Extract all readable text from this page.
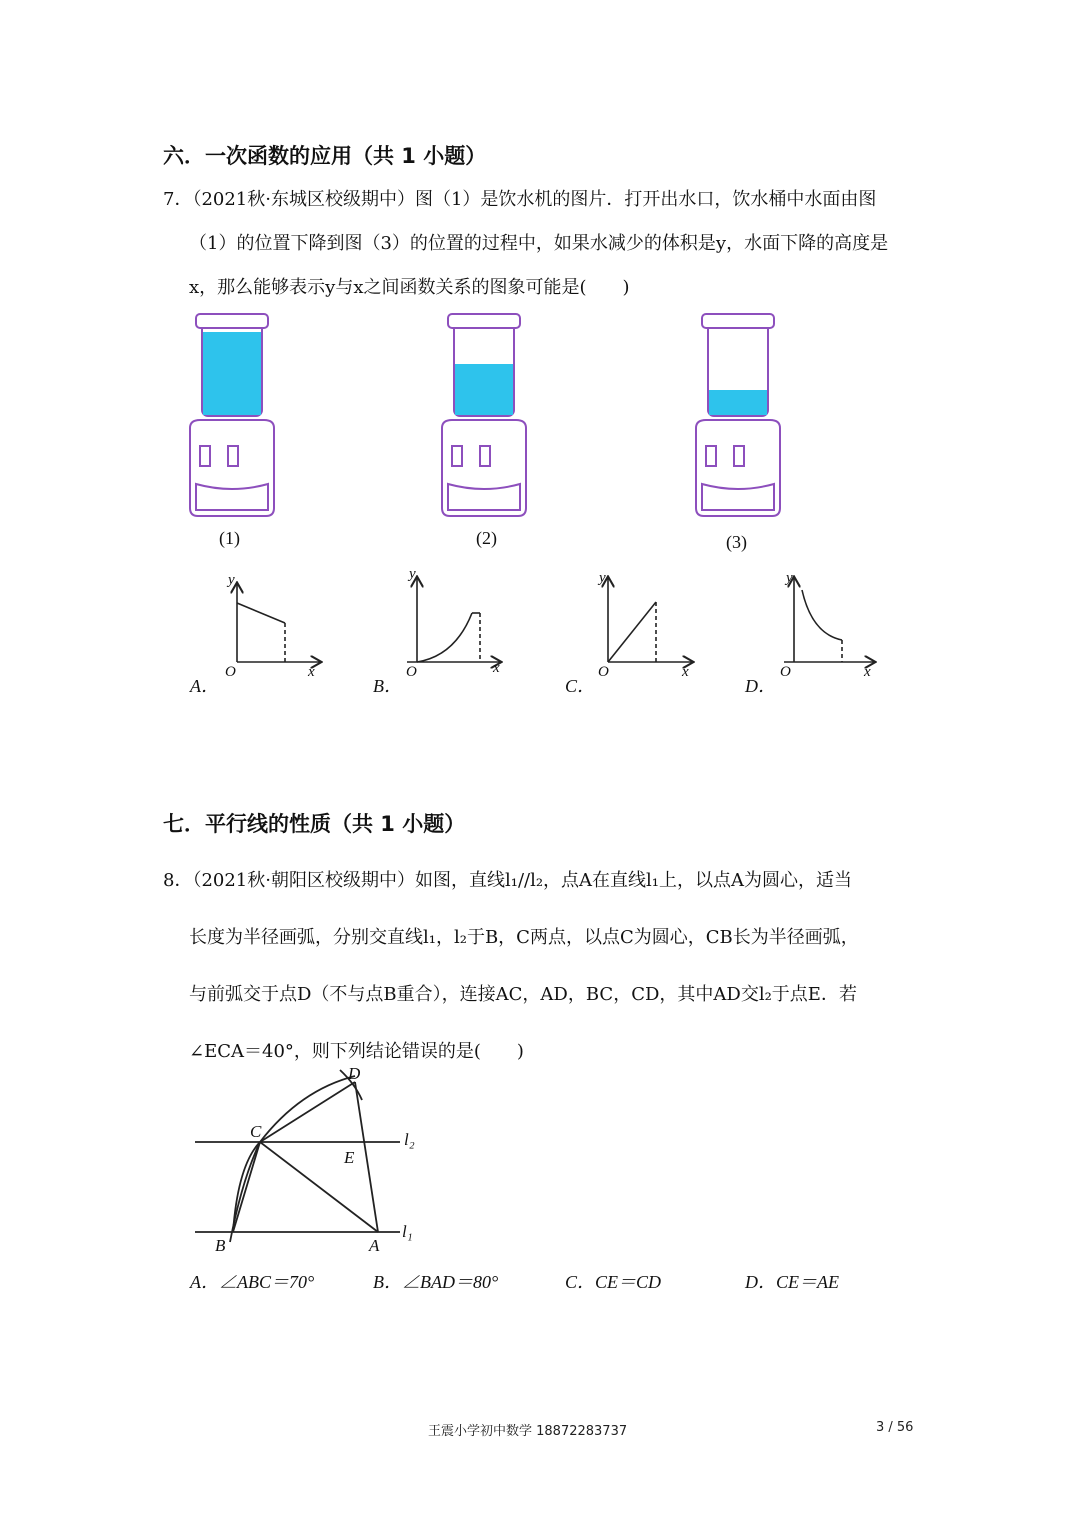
六．一次函数的应用（共 1 小题）
7．（2021秋·东城区校级期中）图（1）是饮水机的图片．打开出水口，饮水桶中水面由图
（1）的位置下降到图（3）的位置的过程中，如果水减少的体积是y，水面下降的高度是
x，那么能够表示y与x之间函数关系的图象可能是(　　)
(1)	(2)	(3)
y
O	x
y
O	x
y
O	x
y
O	x
A．	B．	C．	D．
七．平行线的性质（共 1 小题）
8．（2021秋·朝阳区校级期中）如图，直线l₁//l₂，点A在直线l₁上，以点A为圆心，适当
长度为半径画弧，分别交直线l₁，l₂于B，C两点，以点C为圆心，CB长为半径画弧，
与前弧交于点D（不与点B重合），连接AC，AD，BC，CD，其中AD交l₂于点E．若
∠ECA＝40°，则下列结论错误的是(　　)
D
C
E
B	A
l₂
l₁
A．∠ABC＝70°	B．∠BAD＝80°	C．CE＝CD	D．CE＝AE
王震小学初中数学 18872283737	3 / 56
